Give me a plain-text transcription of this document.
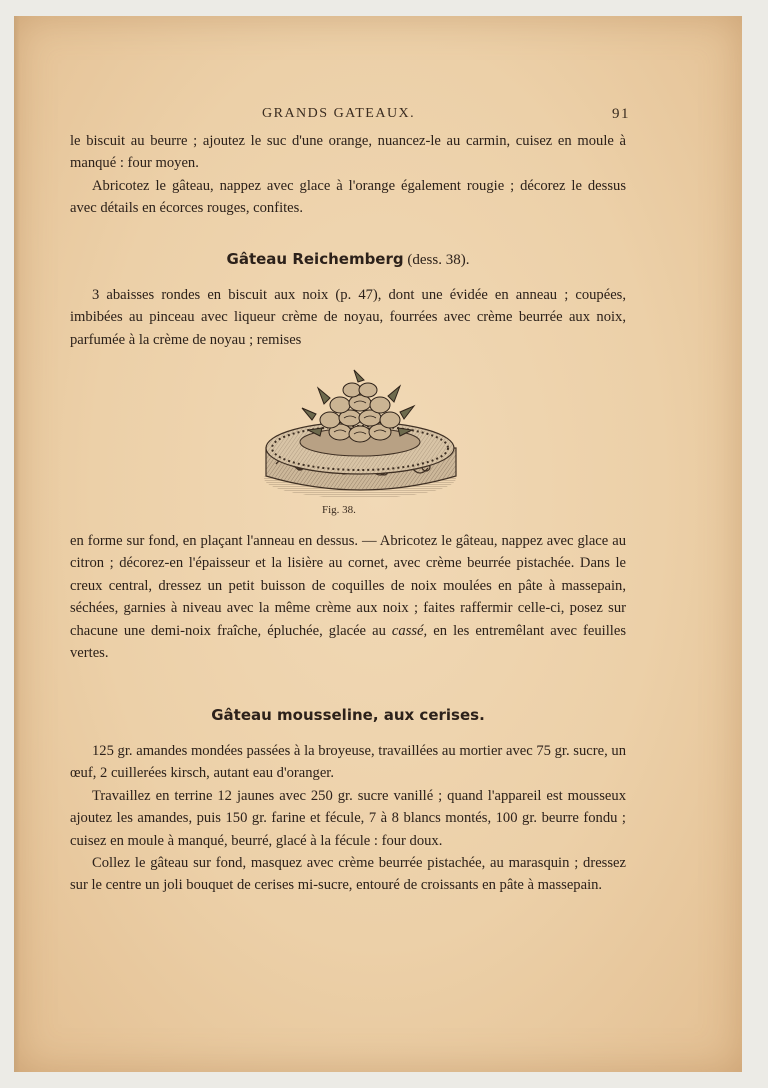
GRANDS GATEAUX.	91

le biscuit au beurre ; ajoutez le suc d'une orange, nuancez-le au carmin, cuisez en moule à manqué : four moyen.

Abricotez le gâteau, nappez avec glace à l'orange également rougie ; décorez le dessus avec détails en écorces rouges, confites.

Gâteau Reichemberg (dess. 38).

3 abaisses rondes en biscuit aux noix (p. 47), dont une évidée en anneau ; coupées, imbibées au pinceau avec liqueur crème de noyau, fourrées avec crème beurrée aux noix, parfumée à la crème de noyau ; remises

Fig. 38.

en forme sur fond, en plaçant l'anneau en dessus. — Abricotez le gâteau, nappez avec glace au citron ; décorez-en l'épaisseur et la lisière au cornet, avec crème beurrée pistachée. Dans le creux central, dressez un petit buisson de coquilles de noix moulées en pâte à massepain, séchées, garnies à niveau avec la même crème aux noix ; faites raffermir celle-ci, posez sur chacune une demi-noix fraîche, épluchée, glacée au cassé, en les entremêlant avec feuilles vertes.

Gâteau mousseline, aux cerises.

125 gr. amandes mondées passées à la broyeuse, travaillées au mortier avec 75 gr. sucre, un œuf, 2 cuillerées kirsch, autant eau d'oranger.

Travaillez en terrine 12 jaunes avec 250 gr. sucre vanillé ; quand l'appareil est mousseux ajoutez les amandes, puis 150 gr. farine et fécule, 7 à 8 blancs montés, 100 gr. beurre fondu ; cuisez en moule à manqué, beurré, glacé à la fécule : four doux.

Collez le gâteau sur fond, masquez avec crème beurrée pistachée, au marasquin ; dressez sur le centre un joli bouquet de cerises mi-sucre, entouré de croissants en pâte à massepain.
